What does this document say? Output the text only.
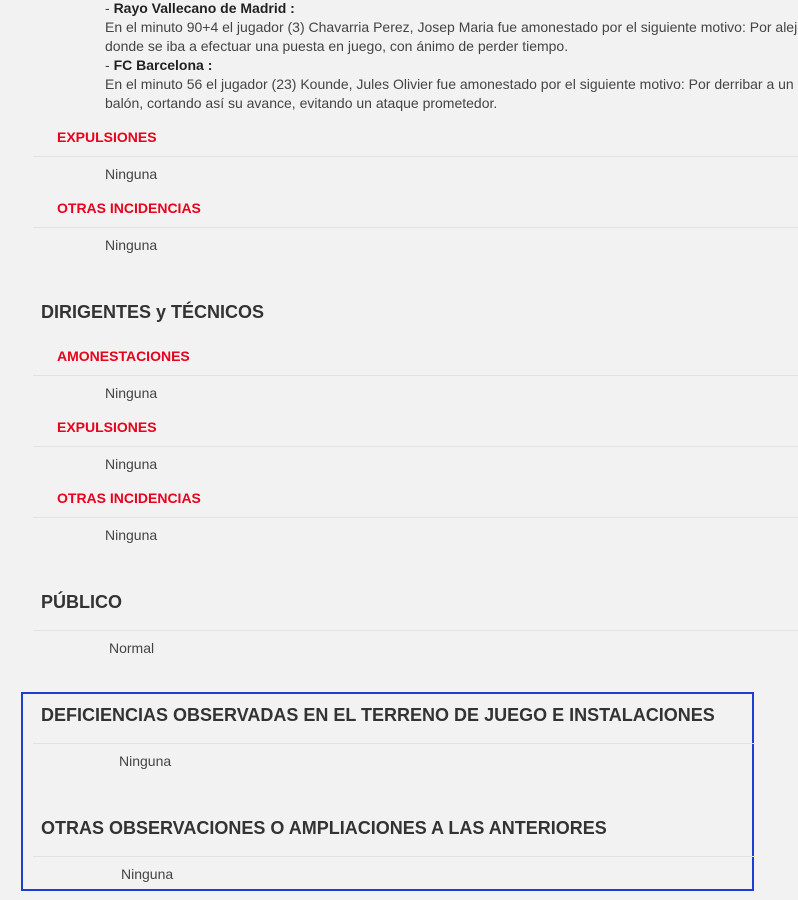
- Rayo Vallecano de Madrid :
En el minuto 90+4 el jugador (3) Chavarria Perez, Josep Maria fue amonestado por el siguiente motivo: Por alej
donde se iba a efectuar una puesta en juego, con ánimo de perder tiempo.
- FC Barcelona :
En el minuto 56 el jugador (23) Kounde, Jules Olivier fue amonestado por el siguiente motivo: Por derribar a un
balón, cortando así su avance, evitando un ataque prometedor.
EXPULSIONES
Ninguna
OTRAS INCIDENCIAS
Ninguna
DIRIGENTES y TÉCNICOS
AMONESTACIONES
Ninguna
EXPULSIONES
Ninguna
OTRAS INCIDENCIAS
Ninguna
PÚBLICO
Normal
DEFICIENCIAS OBSERVADAS EN EL TERRENO DE JUEGO E INSTALACIONES
Ninguna
OTRAS OBSERVACIONES O AMPLIACIONES A LAS ANTERIORES
Ninguna
